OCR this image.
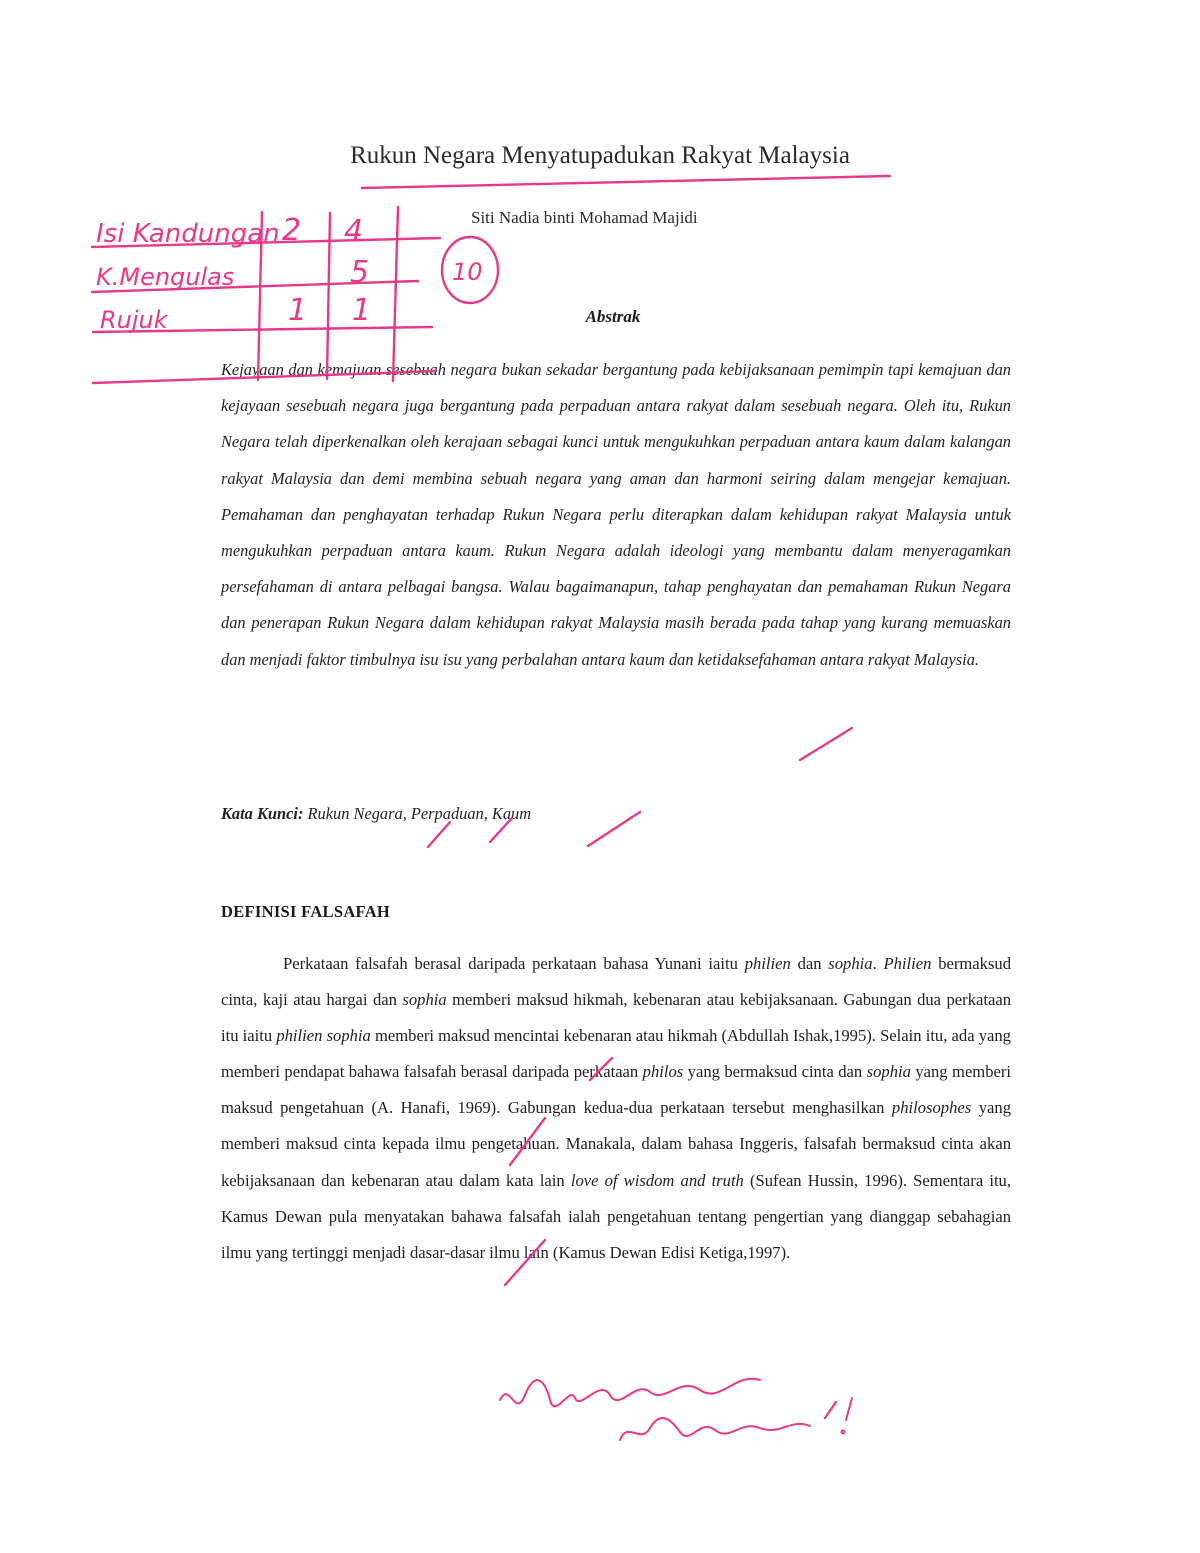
Rukun Negara Menyatupadukan Rakyat Malaysia
Siti Nadia binti Mohamad Majidi
Abstrak

Kejayaan dan kemajuan sesebuah negara bukan sekadar bergantung pada kebijaksanaan pemimpin tapi kemajuan dan kejayaan sesebuah negara juga bergantung pada perpaduan antara rakyat dalam sesebuah negara. Oleh itu, Rukun Negara telah diperkenalkan oleh kerajaan sebagai kunci untuk mengukuhkan perpaduan antara kaum dalam kalangan rakyat Malaysia dan demi membina sebuah negara yang aman dan harmoni seiring dalam mengejar kemajuan. Pemahaman dan penghayatan terhadap Rukun Negara perlu diterapkan dalam kehidupan rakyat Malaysia untuk mengukuhkan perpaduan antara kaum. Rukun Negara adalah ideologi yang membantu dalam menyeragamkan persefahaman di antara pelbagai bangsa. Walau bagaimanapun, tahap penghayatan dan pemahaman Rukun Negara dan penerapan Rukun Negara dalam kehidupan rakyat Malaysia masih berada pada tahap yang kurang memuaskan dan menjadi faktor timbulnya isu isu yang perbalahan antara kaum dan ketidaksefahaman antara rakyat Malaysia.

Kata Kunci: Rukun Negara, Perpaduan, Kaum
DEFINISI FALSAFAH

Perkataan falsafah berasal daripada perkataan bahasa Yunani iaitu philien dan sophia. Philien bermaksud cinta, kaji atau hargai dan sophia memberi maksud hikmah, kebenaran atau kebijaksanaan. Gabungan dua perkataan itu iaitu philien sophia memberi maksud mencintai kebenaran atau hikmah (Abdullah Ishak,1995). Selain itu, ada yang memberi pendapat bahawa falsafah berasal daripada perkataan philos yang bermaksud cinta dan sophia yang memberi maksud pengetahuan (A. Hanafi, 1969). Gabungan kedua-dua perkataan tersebut menghasilkan philosophes yang memberi maksud cinta kepada ilmu pengetahuan. Manakala, dalam bahasa Inggeris, falsafah bermaksud cinta akan kebijaksanaan dan kebenaran atau dalam kata lain love of wisdom and truth (Sufean Hussin, 1996). Sementara itu, Kamus Dewan pula menyatakan bahawa falsafah ialah pengetahuan tentang pengertian yang dianggap sebahagian ilmu yang tertinggi menjadi dasar-dasar ilmu lain (Kamus Dewan Edisi Ketiga,1997).

Isi Kandungan 2 4
K.Mengulas	5
Rujuk	1 1
10
